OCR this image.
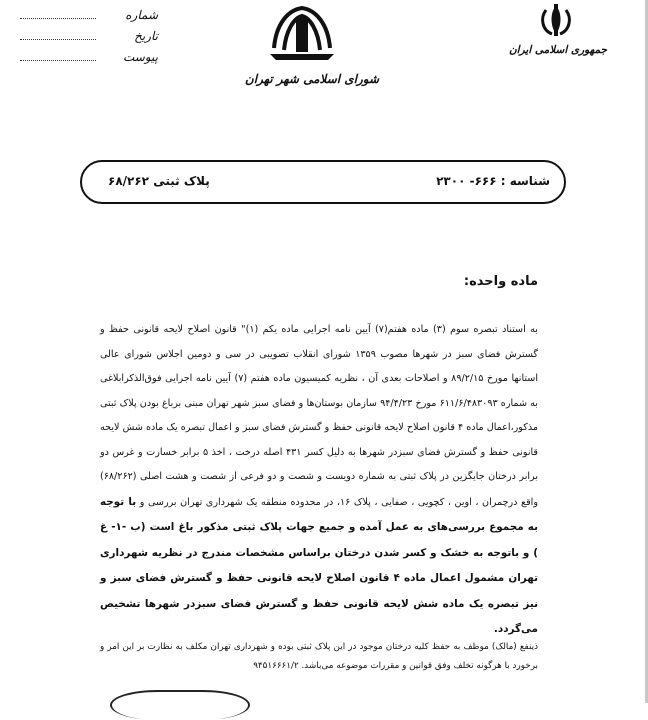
شماره
تاریخ
پیوست
شورای اسلامی شهر تهران
جمهوری اسلامی ایران
شناسه : ۶۶۶- ۲۳۰۰
پلاک ثبتی ۶۸/۲۶۲
ماده واحده:
به استناد تبصره سوم (۳) ماده هفتم(۷) آیین نامه اجرایی ماده یکم (۱)" قانون اصلاح لایحه قانونی حفظ و گسترش فضای سبز در شهرها مصوب ۱۳۵۹ شورای انقلاب تصویبی در سی و دومین اجلاس شورای عالی استانها مورخ ۸۹/۲/۱۵ و اصلاحات بعدی آن ، نظریه کمیسیون ماده هفتم (۷) آیین نامه اجرایی فوق‌الذکرابلاغی به شماره ۶۱۱/۶/۴۸۳۰۹۳ مورخ ۹۴/۴/۲۳ سازمان بوستان‌ها و فضای سبز شهر تهران مبنی برباغ بودن پلاک ثبتی مذکور،اعمال ماده ۴ قانون اصلاح لایحه قانونی حفظ و گسترش فضای سبز و اعمال تبصره یک ماده شش لایحه قانونی حفظ و گسترش فضای سبزدر شهرها به دلیل کسر ۴۳۱ اصله درخت ، اخذ ۵ برابر خسارت و غرس دو برابر درختان جایگزین در پلاک ثبتی به شماره دویست و شصت و دو فرعی از شصت و هشت اصلی (۶۸/۲۶۲) واقع درچمران ، اوین ، کچویی ، صفایی ، پلاک ۱۶، در محدوده منطقه یک شهرداری تهران بررسی و با توجه به مجموع بررسی‌های به عمل آمده و جمیع جهات پلاک ثبتی مذکور باغ است (ب -۱- غ ) و باتوجه به خشک و کسر شدن درختان براساس مشخصات مندرج در نظریه شهرداری تهران مشمول اعمال ماده ۴ قانون اصلاح لایحه قانونی حفظ و گسترش فضای سبز و نیز تبصره یک ماده شش لایحه قانونی حفظ و گسترش فضای سبزدر شهرها تشخیص می‌گردد.
ذینفع (مالک) موظف به حفظ کلیه درختان موجود در این پلاک ثبتی بوده و شهرداری تهران مکلف به نظارت بر این امر و برخورد با هرگونه تخلف وفق قوانین و مقررات موضوعه می‌باشد. ۹۴۵۱۶۶۶۱/۲
